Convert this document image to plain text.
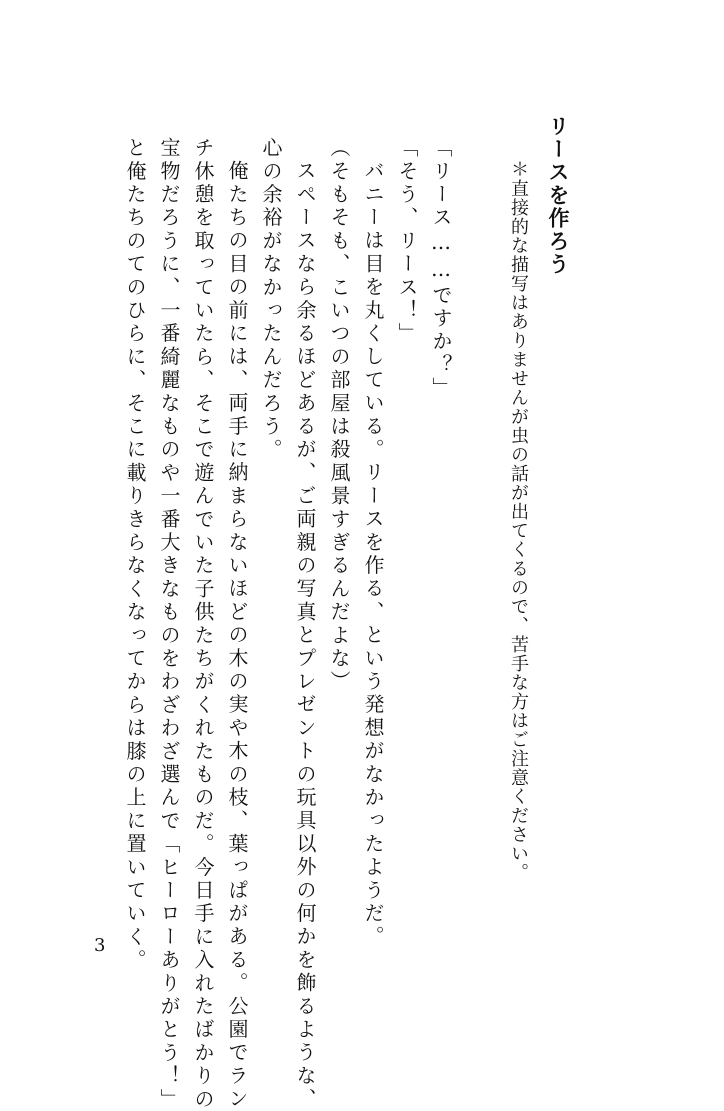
リースを作ろう
＊直接的な描写はありませんが虫の話が出てくるので、苦手な方はご注意ください。
「リース……ですか？」
「そう、リース！」
バニーは目を丸くしている。リースを作る、という発想がなかったようだ。
（そもそも、こいつの部屋は殺風景すぎるんだよな）
スペースなら余るほどあるが、ご両親の写真とプレゼントの玩具以外の何かを飾るような、
心の余裕がなかったんだろう。
俺たちの目の前には、両手に納まらないほどの木の実や木の枝、葉っぱがある。公園でラン
チ休憩を取っていたら、そこで遊んでいた子供たちがくれたものだ。今日手に入れたばかりの
宝物だろうに、一番綺麗なものや一番大きなものをわざわざ選んで「ヒーローありがとう！」
と俺たちのてのひらに、そこに載りきらなくなってからは膝の上に置いていく。
3
